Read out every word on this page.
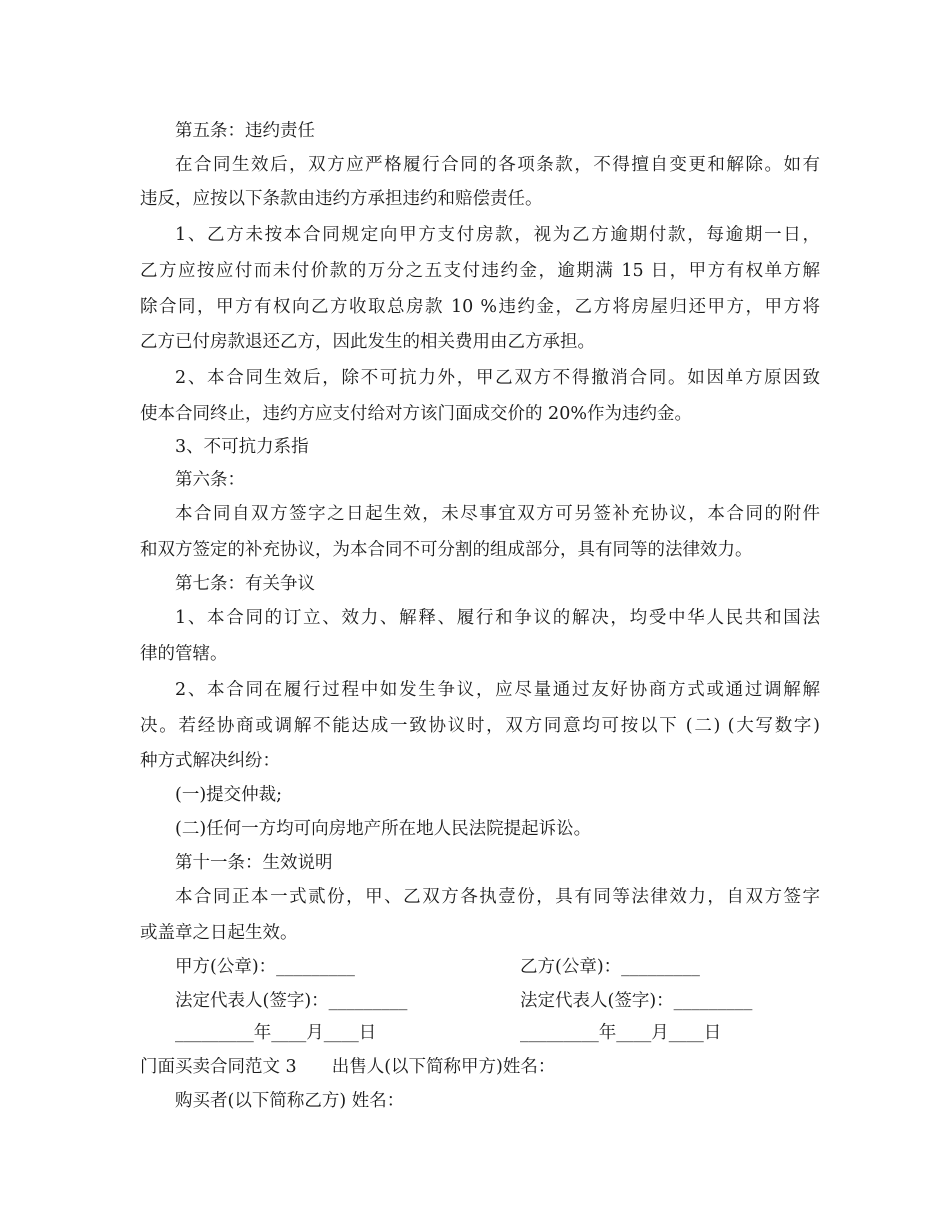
第五条：违约责任
在合同生效后，双方应严格履行合同的各项条款，不得擅自变更和解除。如有
违反，应按以下条款由违约方承担违约和赔偿责任。
1、乙方未按本合同规定向甲方支付房款，视为乙方逾期付款，每逾期一日，
乙方应按应付而未付价款的万分之五支付违约金，逾期满 15 日，甲方有权单方解
除合同，甲方有权向乙方收取总房款 10 %违约金，乙方将房屋归还甲方，甲方将
乙方已付房款退还乙方，因此发生的相关费用由乙方承担。
2、本合同生效后，除不可抗力外，甲乙双方不得撤消合同。如因单方原因致
使本合同终止，违约方应支付给对方该门面成交价的 20%作为违约金。
3、不可抗力系指
第六条：
本合同自双方签字之日起生效，未尽事宜双方可另签补充协议，本合同的附件
和双方签定的补充协议，为本合同不可分割的组成部分，具有同等的法律效力。
第七条：有关争议
1、本合同的订立、效力、解释、履行和争议的解决，均受中华人民共和国法
律的管辖。
2、本合同在履行过程中如发生争议，应尽量通过友好协商方式或通过调解解
决。若经协商或调解不能达成一致协议时，双方同意均可按以下 (二) (大写数字)
种方式解决纠纷：
(一)提交仲裁;
(二)任何一方均可向房地产所在地人民法院提起诉讼。
第十一条：生效说明
本合同正本一式贰份，甲、乙双方各执壹份，具有同等法律效力，自双方签字
或盖章之日起生效。
甲方(公章)：_________	乙方(公章)：_________
法定代表人(签字)：_________	法定代表人(签字)：_________
_________年____月____日	_________年____月____日
门面买卖合同范文 3　　出售人(以下简称甲方)姓名：
购买者(以下简称乙方) 姓名：
